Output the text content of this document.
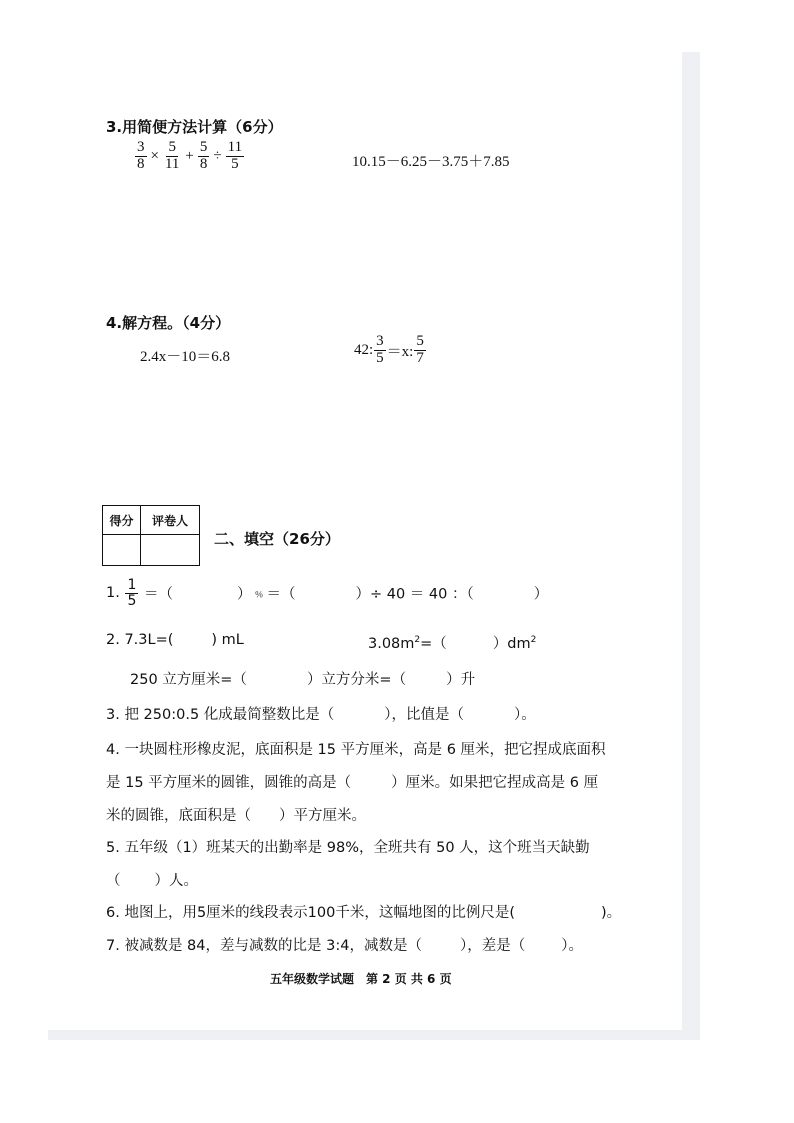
3.用简便方法计算（6分）
$\frac{3}{8} \times \frac{5}{11} + \frac{5}{8} \div \frac{11}{5}$	10.15－6.25－3.75＋7.85
4.解方程。（4分）
2.4x－10＝6.8	42: $\frac{3}{5} =x$: $\frac{5}{7}$
得分	评卷人

二、填空（26分）
1. $\frac{1}{5}$ ＝（	） ﹪ ＝（	）÷ 40 ＝ 40 ：（	）
2. 7.3L=(	) mL	$3.08m^2=$（	）$dm^2$
250 立方厘米=（	）立方分米=（	）升
3. 把 250:0.5 化成最简整数比是（	），比值是（	）。
4. 一块圆柱形橡皮泥，底面积是 15 平方厘米，高是 6 厘米，把它捏成底面积
是 15 平方厘米的圆锥，圆锥的高是（	）厘米。如果把它捏成高是 6 厘
米的圆锥，底面积是（ ）平方厘米。
5. 五年级（1）班某天的出勤率是 98%，全班共有 50 人，这个班当天缺勤
（ ）人。
6. 地图上，用5厘米的线段表示100千米，这幅地图的比例尺是(	)。
7. 被减数是 84，差与减数的比是 3:4，减数是（	），差是（ ）。
五年级数学试题　第 2 页 共 6 页
